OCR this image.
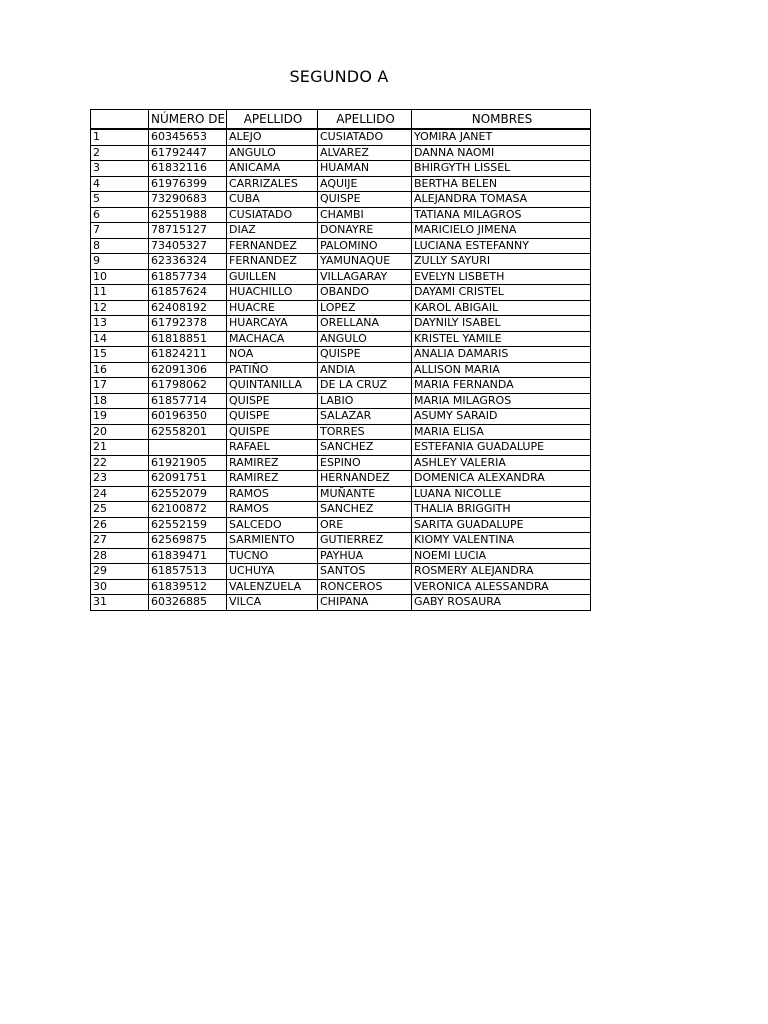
SEGUNDO A
	NÚMERO DE	APELLIDO	APELLIDO	NOMBRES
1	60345653	ALEJO	CUSIATADO	YOMIRA JANET
2	61792447	ANGULO	ALVAREZ	DANNA NAOMI
3	61832116	ANICAMA	HUAMAN	BHIRGYTH LISSEL
4	61976399	CARRIZALES	AQUIJE	BERTHA BELEN
5	73290683	CUBA	QUISPE	ALEJANDRA TOMASA
6	62551988	CUSIATADO	CHAMBI	TATIANA MILAGROS
7	78715127	DIAZ	DONAYRE	MARICIELO JIMENA
8	73405327	FERNANDEZ	PALOMINO	LUCIANA ESTEFANNY
9	62336324	FERNANDEZ	YAMUNAQUE	ZULLY SAYURI
10	61857734	GUILLEN	VILLAGARAY	EVELYN LISBETH
11	61857624	HUACHILLO	OBANDO	DAYAMI CRISTEL
12	62408192	HUACRE	LOPEZ	KAROL ABIGAIL
13	61792378	HUARCAYA	ORELLANA	DAYNILY ISABEL
14	61818851	MACHACA	ANGULO	KRISTEL YAMILE
15	61824211	NOA	QUISPE	ANALIA DAMARIS
16	62091306	PATIÑO	ANDIA	ALLISON MARIA
17	61798062	QUINTANILLA	DE LA CRUZ	MARIA FERNANDA
18	61857714	QUISPE	LABIO	MARIA MILAGROS
19	60196350	QUISPE	SALAZAR	ASUMY SARAID
20	62558201	QUISPE	TORRES	MARIA ELISA
21		RAFAEL	SANCHEZ	ESTEFANIA GUADALUPE
22	61921905	RAMIREZ	ESPINO	ASHLEY VALERIA
23	62091751	RAMIREZ	HERNANDEZ	DOMENICA ALEXANDRA
24	62552079	RAMOS	MUÑANTE	LUANA NICOLLE
25	62100872	RAMOS	SANCHEZ	THALIA BRIGGITH
26	62552159	SALCEDO	ORE	SARITA GUADALUPE
27	62569875	SARMIENTO	GUTIERREZ	KIOMY VALENTINA
28	61839471	TUCNO	PAYHUA	NOEMI LUCIA
29	61857513	UCHUYA	SANTOS	ROSMERY ALEJANDRA
30	61839512	VALENZUELA	RONCEROS	VERONICA ALESSANDRA
31	60326885	VILCA	CHIPANA	GABY ROSAURA
